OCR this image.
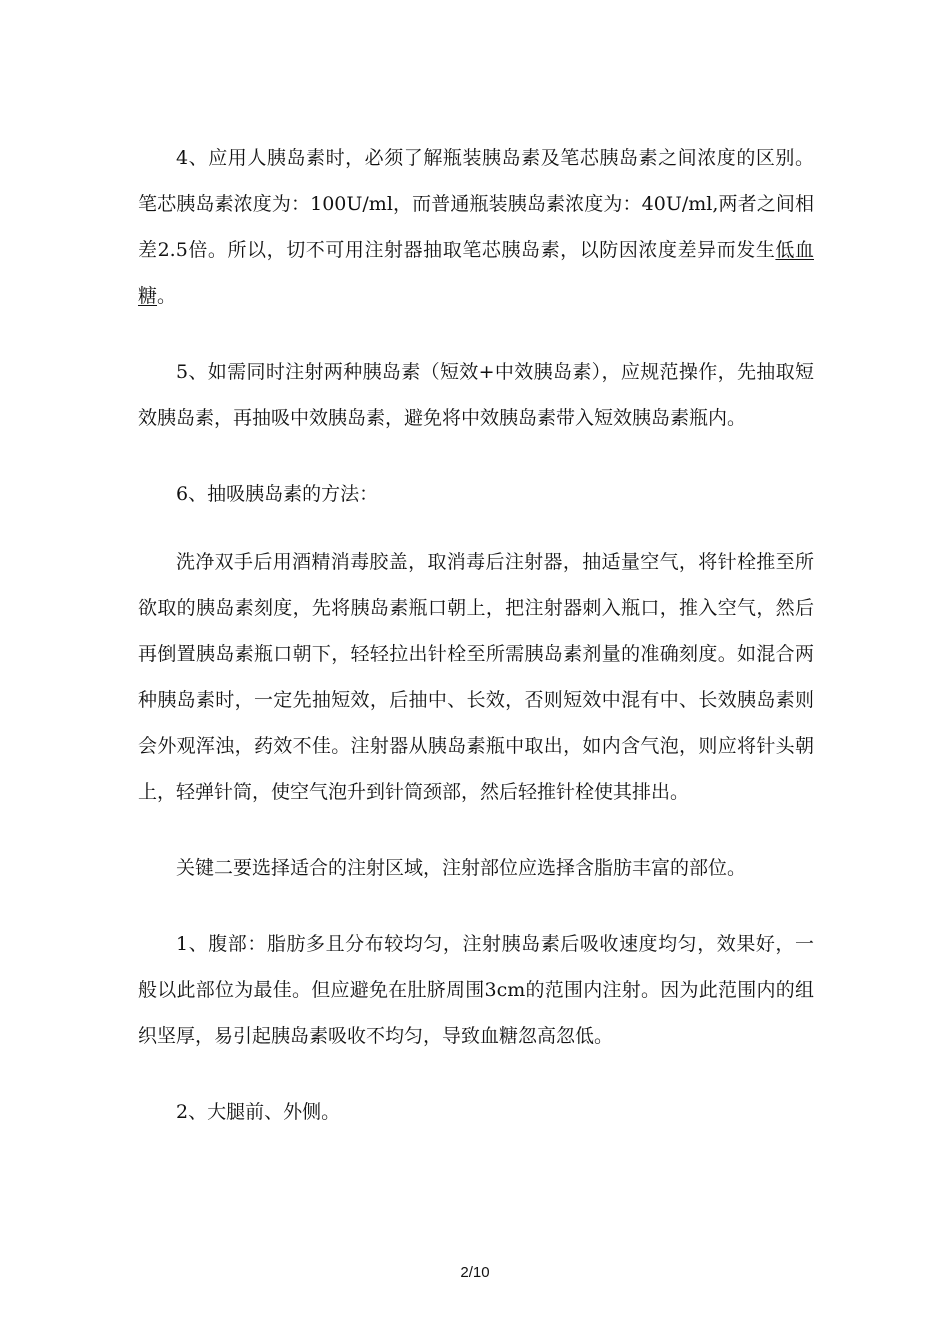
4、应用人胰岛素时，必须了解瓶装胰岛素及笔芯胰岛素之间浓度的区别。笔芯胰岛素浓度为：100U/ml，而普通瓶装胰岛素浓度为：40U/ml,两者之间相差2.5倍。所以，切不可用注射器抽取笔芯胰岛素，以防因浓度差异而发生低血糖。

5、如需同时注射两种胰岛素（短效+中效胰岛素），应规范操作，先抽取短效胰岛素，再抽吸中效胰岛素，避免将中效胰岛素带入短效胰岛素瓶内。

6、抽吸胰岛素的方法：

洗净双手后用酒精消毒胶盖，取消毒后注射器，抽适量空气，将针栓推至所欲取的胰岛素刻度，先将胰岛素瓶口朝上，把注射器刺入瓶口，推入空气，然后再倒置胰岛素瓶口朝下，轻轻拉出针栓至所需胰岛素剂量的准确刻度。如混合两种胰岛素时，一定先抽短效，后抽中、长效，否则短效中混有中、长效胰岛素则会外观浑浊，药效不佳。注射器从胰岛素瓶中取出，如内含气泡，则应将针头朝上，轻弹针筒，使空气泡升到针筒颈部，然后轻推针栓使其排出。

关键二要选择适合的注射区域，注射部位应选择含脂肪丰富的部位。

1、腹部：脂肪多且分布较均匀，注射胰岛素后吸收速度均匀，效果好，一般以此部位为最佳。但应避免在肚脐周围3cm的范围内注射。因为此范围内的组织坚厚，易引起胰岛素吸收不均匀，导致血糖忽高忽低。

2、大腿前、外侧。

2/10
